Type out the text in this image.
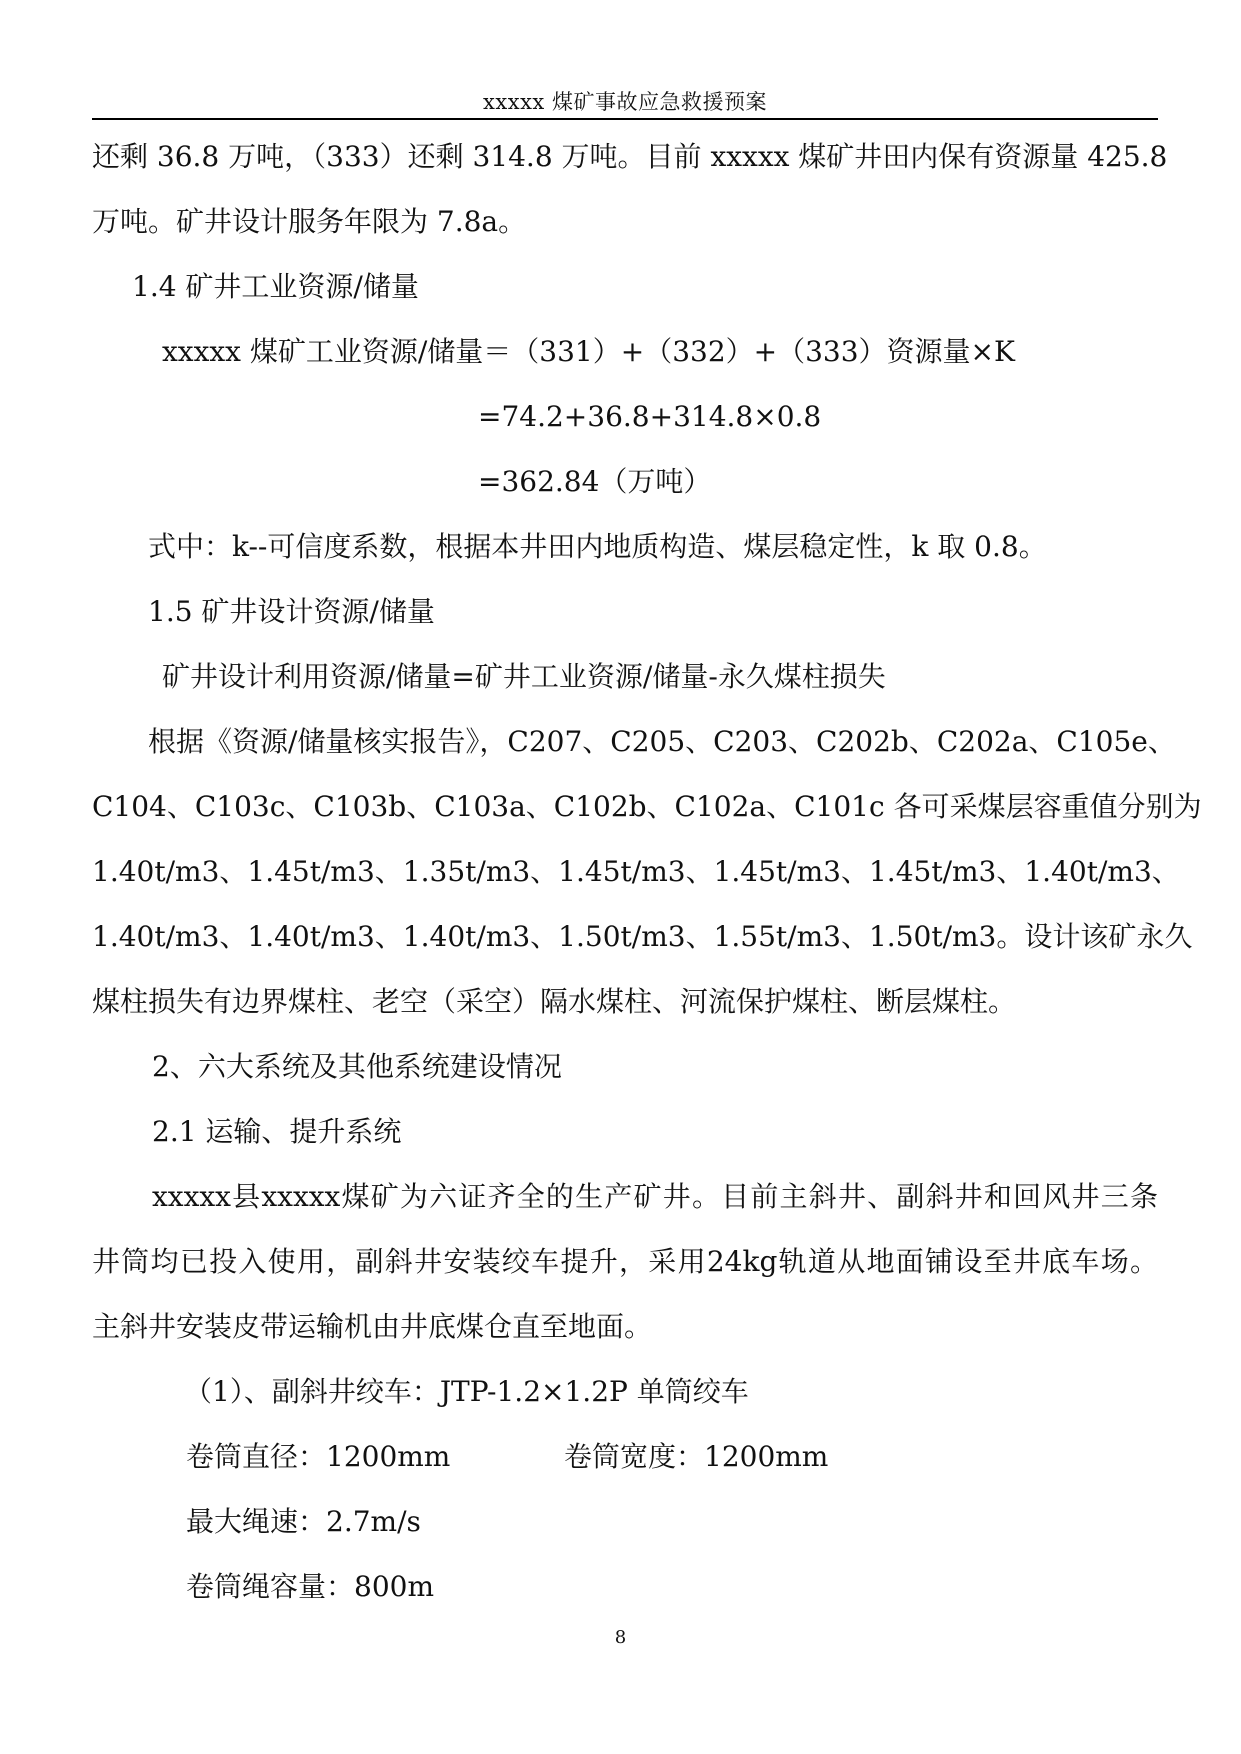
xxxxx 煤矿事故应急救援预案
还剩 36.8 万吨，（333）还剩 314.8 万吨。目前 xxxxx 煤矿井田内保有资源量 425.8
万吨。矿井设计服务年限为 7.8a。
1.4 矿井工业资源/储量
xxxxx 煤矿工业资源/储量＝（331）+（332）+（333）资源量×K
=74.2+36.8+314.8×0.8
=362.84（万吨）
式中：k--可信度系数，根据本井田内地质构造、煤层稳定性，k 取 0.8。
1.5 矿井设计资源/储量
矿井设计利用资源/储量=矿井工业资源/储量-永久煤柱损失
根据《资源/储量核实报告》，C207、C205、C203、C202b、C202a、C105e、
C104、C103c、C103b、C103a、C102b、C102a、C101c 各可采煤层容重值分别为
1.40t/m3、1.45t/m3、1.35t/m3、1.45t/m3、1.45t/m3、1.45t/m3、1.40t/m3、
1.40t/m3、1.40t/m3、1.40t/m3、1.50t/m3、1.55t/m3、1.50t/m3。设计该矿永久
煤柱损失有边界煤柱、老空（采空）隔水煤柱、河流保护煤柱、断层煤柱。
2、六大系统及其他系统建设情况
2.1 运输、提升系统
xxxxx县xxxxx煤矿为六证齐全的生产矿井。目前主斜井、副斜井和回风井三条
井筒均已投入使用，副斜井安装绞车提升，采用24kg轨道从地面铺设至井底车场。
主斜井安装皮带运输机由井底煤仓直至地面。
（1）、副斜井绞车：JTP-1.2×1.2P 单筒绞车
卷筒直径：1200mm	卷筒宽度：1200mm
最大绳速：2.7m/s
卷筒绳容量：800m
8
